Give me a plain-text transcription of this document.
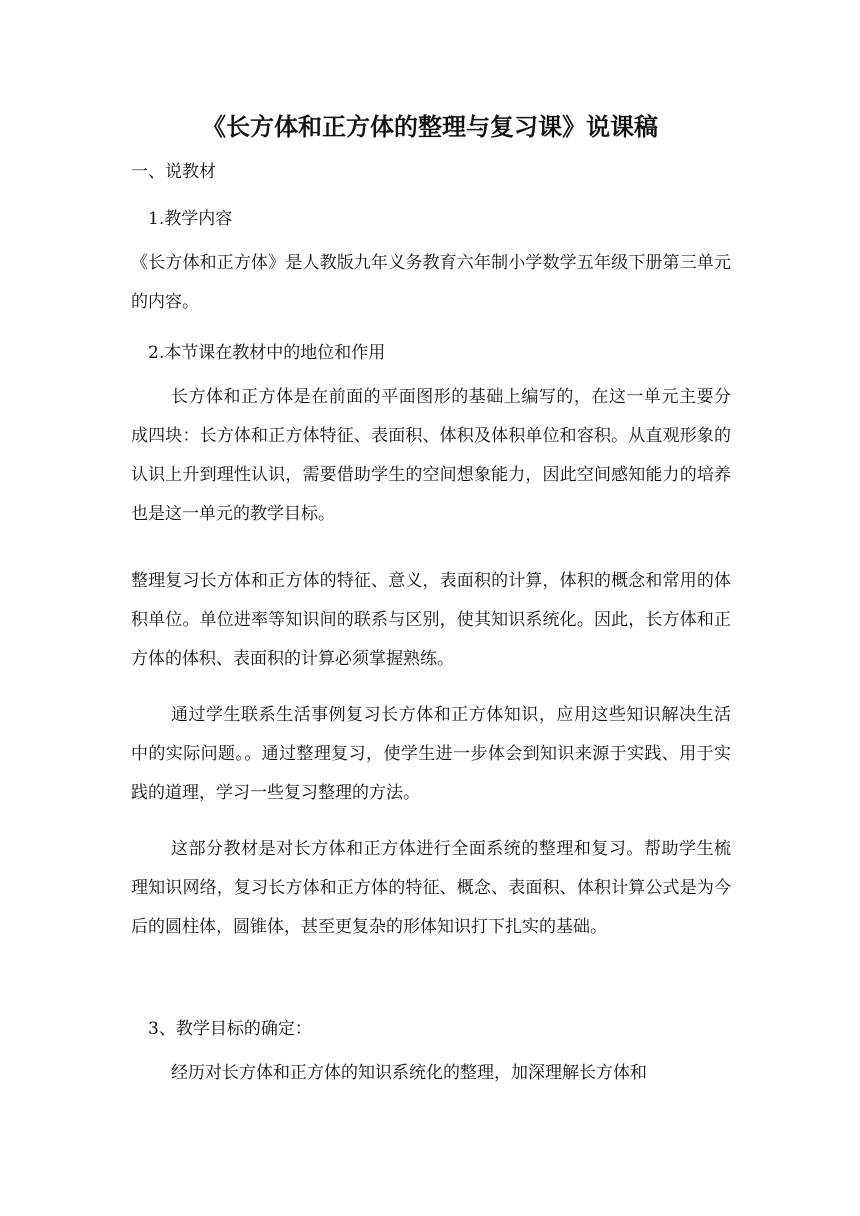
《长方体和正方体的整理与复习课》说课稿
一、说教材
1.教学内容
《长方体和正方体》是人教版九年义务教育六年制小学数学五年级下册第三单元的内容。
2.本节课在教材中的地位和作用
长方体和正方体是在前面的平面图形的基础上编写的，在这一单元主要分成四块：长方体和正方体特征、表面积、体积及体积单位和容积。从直观形象的认识上升到理性认识，需要借助学生的空间想象能力，因此空间感知能力的培养也是这一单元的教学目标。
整理复习长方体和正方体的特征、意义，表面积的计算，体积的概念和常用的体积单位。单位进率等知识间的联系与区别，使其知识系统化。因此，长方体和正方体的体积、表面积的计算必须掌握熟练。
通过学生联系生活事例复习长方体和正方体知识，应用这些知识解决生活中的实际问题。。通过整理复习，使学生进一步体会到知识来源于实践、用于实践的道理，学习一些复习整理的方法。
这部分教材是对长方体和正方体进行全面系统的整理和复习。帮助学生梳理知识网络，复习长方体和正方体的特征、概念、表面积、体积计算公式是为今后的圆柱体，圆锥体，甚至更复杂的形体知识打下扎实的基础。
3、教学目标的确定：
经历对长方体和正方体的知识系统化的整理，加深理解长方体和
